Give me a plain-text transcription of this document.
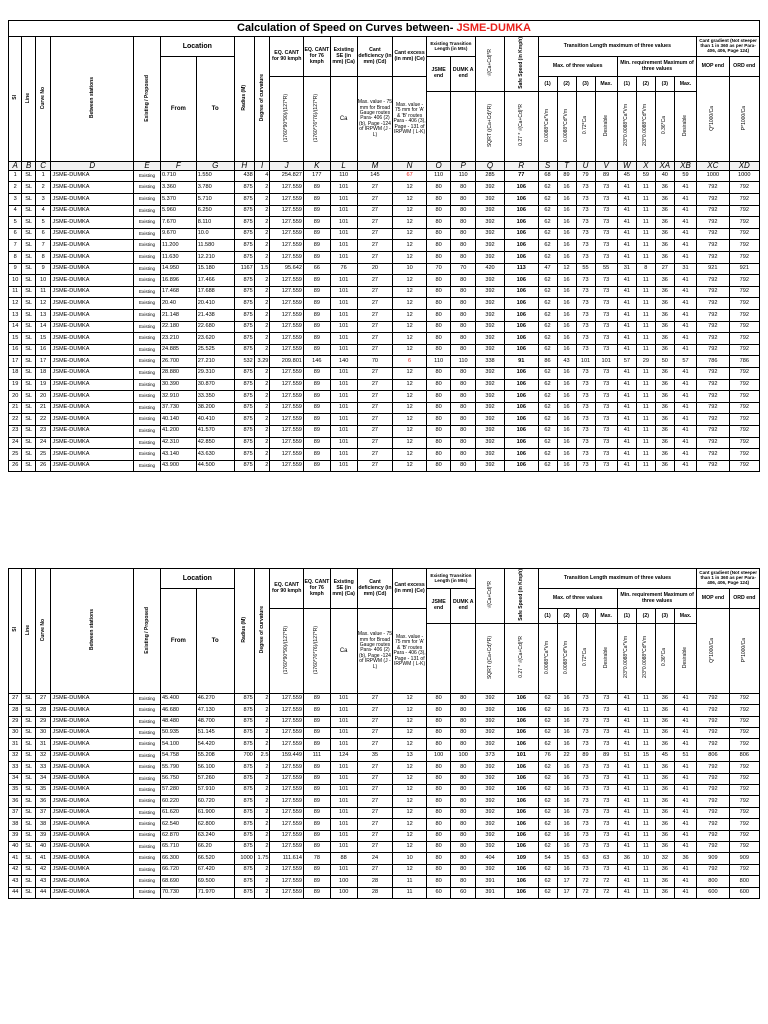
Calculation of Speed on Curves between- JSME-DUMKA																											
Sl	Line	Curve No	Between stations	Existing / Proposed	Location		Radius (M)	Degree of curvature	EQ. CANT for 90 kmph	EQ. CANT for 76 kmph	Existing SE (in mm) (Ca)	Cant deficiency (in mm) (Cd)	Cant excess (in mm) (Ce)	Existing Transition Length (in Mts)		√(Ca+Cd)*R	Safe Speed (in Kmph)	Transition Length maximum of three values								Cant gradient (Not steeper than 1 in 360 as per Para-406, 406, Page 124)	
					From	To								JSME end	DUMK A end			Max. of three values				Min. requirement Maximum of three values				MOP end	ORD end
									(1760*90*90)/(127*R)	(1760*76*76)/(127*R)	Ca	Max. value - 75 mm for Broad Gauge routes Para- 406 (2) (b), Page -124 of IRPWM (J - L)	Max. value - 75 mm for 'A' & 'B' routes Para - 406 (3), Page - 131 of IRPWM ( L-K)					(1)	(2)	(3)	Max.	(1)	(2)	(3)	Max.	Q*1000/Ca	P*1000/Ca
																SQRT ((Ca+Cd)*R)	0.27 * √(Ca+Cd)*R	0.0088*Ca*Vm	0.0088*Cd*Vm	0.72*Ca	Desirable	2/3*0.0088*Ca*Vm	2/3*0.0088*Cd*Vm	0.36*Ca	Desirable		
A	B	C	D	E	F	G	H	I	J	K	L	M	N	O	P	Q	R	S	T	U	V	W	X	XA	XB	XC	XD
1	SL	1	JSME-DUMKA	Existing	0.710	1.550	438	4	254.827	177	110	145	67	110	110	285	77	68	89	79	89	45	59	40	59	1000	1000
2	SL	2	JSME-DUMKA	Existing	3.360	3.780	875	2	127.559	89	101	27	12	80	80	392	106	62	16	73	73	41	11	36	41	792	792
3	SL	3	JSME-DUMKA	Existing	5.370	5.710	875	2	127.559	89	101	27	12	80	80	392	106	62	16	73	73	41	11	36	41	792	792
4	SL	4	JSME-DUMKA	Existing	5.960	6.250	875	2	127.559	89	101	27	12	80	80	392	106	62	16	73	73	41	11	36	41	792	792
5	SL	5	JSME-DUMKA	Existing	7.670	8.110	875	2	127.559	89	101	27	12	80	80	392	106	62	16	73	73	41	11	36	41	792	792
6	SL	6	JSME-DUMKA	Existing	9.670	10.0	875	2	127.559	89	101	27	12	80	80	392	106	62	16	73	73	41	11	36	41	792	792
7	SL	7	JSME-DUMKA	Existing	11.200	11.580	875	2	127.559	89	101	27	12	80	80	392	106	62	16	73	73	41	11	36	41	792	792
8	SL	8	JSME-DUMKA	Existing	11.630	12.210	875	2	127.559	89	101	27	12	80	80	392	106	62	16	73	73	41	11	36	41	792	792
9	SL	9	JSME-DUMKA	Existing	14.950	15.180	1167	1.5	95.642	66	76	20	10	70	70	420	113	47	12	55	55	31	8	27	31	921	921
10	SL	10	JSME-DUMKA	Existing	16.896	17.466	875	2	127.559	89	101	27	12	80	80	392	106	62	16	73	73	41	11	36	41	792	792
11	SL	11	JSME-DUMKA	Existing	17.468	17.688	875	2	127.559	89	101	27	12	80	80	392	106	62	16	73	73	41	11	36	41	792	792
12	SL	12	JSME-DUMKA	Existing	20.40	20.410	875	2	127.559	89	101	27	12	80	80	392	106	62	16	73	73	41	11	36	41	792	792
13	SL	13	JSME-DUMKA	Existing	21.148	21.438	875	2	127.559	89	101	27	12	80	80	392	106	62	16	73	73	41	11	36	41	792	792
14	SL	14	JSME-DUMKA	Existing	22.180	22.680	875	2	127.559	89	101	27	12	80	80	392	106	62	16	73	73	41	11	36	41	792	792
15	SL	15	JSME-DUMKA	Existing	23.210	23.620	875	2	127.559	89	101	27	12	80	80	392	106	62	16	73	73	41	11	36	41	792	792
16	SL	16	JSME-DUMKA	Existing	24.885	25.525	875	2	127.559	89	101	27	12	80	80	392	106	62	16	73	73	41	11	36	41	792	792
17	SL	17	JSME-DUMKA	Existing	26.700	27.210	532	3.29	209.801	146	140	70	6	110	110	338	91	86	43	101	101	57	29	50	57	786	786
18	SL	18	JSME-DUMKA	Existing	28.880	29.310	875	2	127.559	89	101	27	12	80	80	392	106	62	16	73	73	41	11	36	41	792	792
19	SL	19	JSME-DUMKA	Existing	30.390	30.870	875	2	127.559	89	101	27	12	80	80	392	106	62	16	73	73	41	11	36	41	792	792
20	SL	20	JSME-DUMKA	Existing	32.910	33.350	875	2	127.559	89	101	27	12	80	80	392	106	62	16	73	73	41	11	36	41	792	792
21	SL	21	JSME-DUMKA	Existing	37.730	38.200	875	2	127.559	89	101	27	12	80	80	392	106	62	16	73	73	41	11	36	41	792	792
22	SL	22	JSME-DUMKA	Existing	40.140	40.410	875	2	127.559	89	101	27	12	80	80	392	106	62	16	73	73	41	11	36	41	792	792
23	SL	23	JSME-DUMKA	Existing	41.200	41.570	875	2	127.559	89	101	27	12	80	80	392	106	62	16	73	73	41	11	36	41	792	792
24	SL	24	JSME-DUMKA	Existing	42.310	42.850	875	2	127.559	89	101	27	12	80	80	392	106	62	16	73	73	41	11	36	41	792	792
25	SL	25	JSME-DUMKA	Existing	43.140	43.630	875	2	127.559	89	101	27	12	80	80	392	106	62	16	73	73	41	11	36	41	792	792
26	SL	26	JSME-DUMKA	Existing	43.900	44.500	875	2	127.559	89	101	27	12	80	80	392	106	62	16	73	73	41	11	36	41	792	792
Sl	Line	Curve No	Between stations	Existing / Proposed	Location		Radius (M)	Degree of curvature	EQ. CANT for 90 kmph	EQ. CANT for 76 kmph	Existing SE (in mm) (Ca)	Cant deficiency (in mm) (Cd)	Cant excess (in mm) (Ce)	Existing Transition Length (in Mts)		√(Ca+Cd)*R	Safe Speed (in Kmph)	Transition Length maximum of three values								Cant gradient (Not steeper than 1 in 360 as per Para-406, 406, Page 124)	
					From	To								JSME end	DUMK A end			Max. of three values				Min. requirement Maximum of three values				MOP end	ORD end
									(1760*90*90)/(127*R)	(1760*76*76)/(127*R)	Ca	Max. value - 75 mm for Broad Gauge routes Para- 406 (2) (b), Page -124 of IRPWM (J - L)	Max. value - 75 mm for 'A' & 'B' routes Para - 406 (3), Page - 131 of IRPWM ( L-K)					(1)	(2)	(3)	Max.	(1)	(2)	(3)	Max.	Q*1000/Ca	P*1000/Ca
																SQRT ((Ca+Cd)*R)	0.27 * √(Ca+Cd)*R	0.0088*Ca*Vm	0.0088*Cd*Vm	0.72*Ca	Desirable	2/3*0.0088*Ca*Vm	2/3*0.0088*Cd*Vm	0.36*Ca	Desirable		
27	SL	27	JSME-DUMKA	Existing	45.400	46.270	875	2	127.559	89	101	27	12	80	80	392	106	62	16	73	73	41	11	36	41	792	792
28	SL	28	JSME-DUMKA	Existing	46.680	47.130	875	2	127.559	89	101	27	12	80	80	392	106	62	16	73	73	41	11	36	41	792	792
29	SL	29	JSME-DUMKA	Existing	48.480	48.700	875	2	127.559	89	101	27	12	80	80	392	106	62	16	73	73	41	11	36	41	792	792
30	SL	30	JSME-DUMKA	Existing	50.935	51.145	875	2	127.559	89	101	27	12	80	80	392	106	62	16	73	73	41	11	36	41	792	792
31	SL	31	JSME-DUMKA	Existing	54.100	54.420	875	2	127.559	89	101	27	12	80	80	392	106	62	16	73	73	41	11	36	41	792	792
32	SL	32	JSME-DUMKA	Existing	54.758	55.208	700	2.5	159.449	111	124	35	13	100	100	373	101	76	22	89	89	51	15	45	51	806	806
33	SL	33	JSME-DUMKA	Existing	55.790	56.100	875	2	127.559	89	101	27	12	80	80	392	106	62	16	73	73	41	11	36	41	792	792
34	SL	34	JSME-DUMKA	Existing	56.750	57.260	875	2	127.559	89	101	27	12	80	80	392	106	62	16	73	73	41	11	36	41	792	792
35	SL	35	JSME-DUMKA	Existing	57.280	57.910	875	2	127.559	89	101	27	12	80	80	392	106	62	16	73	73	41	11	36	41	792	792
36	SL	36	JSME-DUMKA	Existing	60.220	60.720	875	2	127.559	89	101	27	12	80	80	392	106	62	16	73	73	41	11	36	41	792	792
37	SL	37	JSME-DUMKA	Existing	61.620	61.900	875	2	127.559	89	101	27	12	80	80	392	106	62	16	73	73	41	11	36	41	792	792
38	SL	38	JSME-DUMKA	Existing	62.540	62.800	875	2	127.559	89	101	27	12	80	80	392	106	62	16	73	73	41	11	36	41	792	792
39	SL	39	JSME-DUMKA	Existing	62.870	63.240	875	2	127.559	89	101	27	12	80	80	392	106	62	16	73	73	41	11	36	41	792	792
40	SL	40	JSME-DUMKA	Existing	65.710	66.20	875	2	127.559	89	101	27	12	80	80	392	106	62	16	73	73	41	11	36	41	792	792
41	SL	41	JSME-DUMKA	Existing	66.300	66.520	1000	1.75	111.614	78	88	24	10	80	80	404	109	54	15	63	63	36	10	32	36	909	909
42	SL	42	JSME-DUMKA	Existing	66.720	67.420	875	2	127.559	89	101	27	12	80	80	392	106	62	16	73	73	41	11	36	41	792	792
43	SL	43	JSME-DUMKA	Existing	68.690	69.500	875	2	127.559	89	100	28	11	80	80	391	106	62	17	72	72	41	11	36	41	800	800
44	SL	44	JSME-DUMKA	Existing	70.730	71.970	875	2	127.559	89	100	28	11	60	60	391	106	62	17	72	72	41	11	36	41	600	600
